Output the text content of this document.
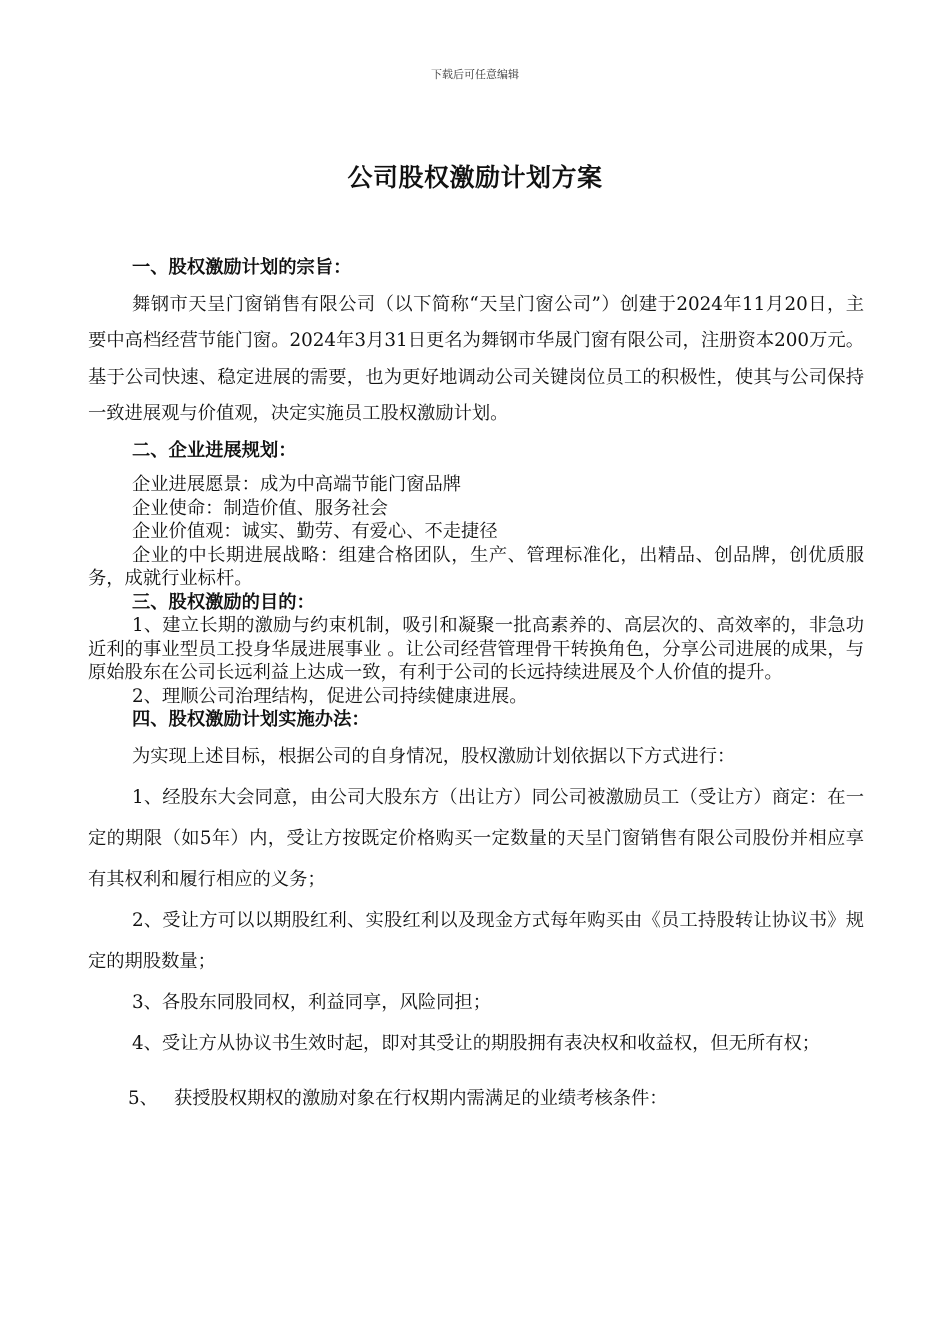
下载后可任意编辑
公司股权激励计划方案

一、股权激励计划的宗旨：

舞钢市天呈门窗销售有限公司（以下简称“天呈门窗公司”）创建于2024年11月20日，主要中高档经营节能门窗。2024年3月31日更名为舞钢市华晟门窗有限公司，注册资本200万元。基于公司快速、稳定进展的需要，也为更好地调动公司关键岗位员工的积极性，使其与公司保持一致进展观与价值观，决定实施员工股权激励计划。

二、企业进展规划：

企业进展愿景：成为中高端节能门窗品牌

企业使命：制造价值、服务社会

企业价值观：诚实、勤劳、有爱心、不走捷径

企业的中长期进展战略：组建合格团队，生产、管理标准化，出精品、创品牌，创优质服务，成就行业标杆。

三、股权激励的目的：

1、建立长期的激励与约束机制，吸引和凝聚一批高素养的、高层次的、高效率的，非急功近利的事业型员工投身华晟进展事业 。让公司经营管理骨干转换角色，分享公司进展的成果，与原始股东在公司长远利益上达成一致，有利于公司的长远持续进展及个人价值的提升。

2、理顺公司治理结构，促进公司持续健康进展。

四、股权激励计划实施办法：

为实现上述目标，根据公司的自身情况，股权激励计划依据以下方式进行：

1、经股东大会同意，由公司大股东方（出让方）同公司被激励员工（受让方）商定：在一定的期限（如5年）内，受让方按既定价格购买一定数量的天呈门窗销售有限公司股份并相应享有其权利和履行相应的义务；

2、受让方可以以期股红利、实股红利以及现金方式每年购买由《员工持股转让协议书》规定的期股数量；

3、各股东同股同权，利益同享，风险同担；

4、受让方从协议书生效时起，即对其受让的期股拥有表决权和收益权，但无所有权；

5、 获授股权期权的激励对象在行权期内需满足的业绩考核条件：
